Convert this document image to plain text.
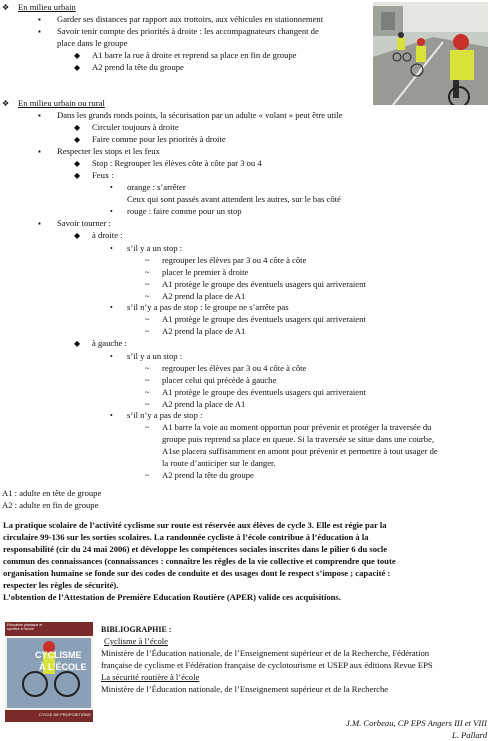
❖ En milieu urbain
▪ Garder ses distances par rapport aux trottoirs, aux véhicules en stationnement
▪ Savoir tenir compte des priorités à droite : les accompagnateurs changent de
place dans le groupe
◆ A1 barre la rue à droite et reprend sa place en fin de groupe
◆ A2 prend la tête du groupe
❖ En milieu urbain ou rural
▪ Dans les grands ronds points, la sécurisation par un adulte « volant » peut être utile
◆ Circuler toujours à droite
◆ Faire comme pour les priorités à droite
▪ Respecter les stops et les feux
◆ Stop : Regrouper les élèves côte à côte par 3 ou 4
◆ Feux :
• orange : s’arrêter
Ceux qui sont passés avant attendent les autres, sur le bas côté
• rouge : faire comme pour un stop
▪ Savoir tourner :
◆ à droite :
• s’il y a un stop :
~ regrouper les élèves par 3 ou 4 côte à côte
~ placer le premier à droite
~ A1 protège le groupe des éventuels usagers qui arriveraient
~ A2 prend la place de A1
• s’il n’y a pas de stop : le groupe ne s’arrête pas
~ A1 protège le groupe des éventuels usagers qui arriveraient
~ A2 prend la place de A1
◆ à gauche :
• s’il y a un stop :
~ regrouper les élèves par 3 ou 4 côte à côte
~ placer celui qui précède à gauche
~ A1 protège le groupe des éventuels usagers qui arriveraient
~ A2 prend la place de A1
• s’il n’y a pas de stop :
~ A1 barre la voie au moment opportun pour prévenir et protéger la traversée du
groupe puis reprend sa place en queue. Si la traversée se situe dans une courbe,
A1se placera suffisamment en amont pour prévenir et permettre à tout usager de
la route d’anticiper sur le danger.
~ A2 prend la tête du groupe
A1 : adulte en tête de groupe
A2 : adulte en fin de groupe
La pratique scolaire de l’activité cyclisme sur route est réservée aux élèves de cycle 3. Elle est régie par la
circulaire 99-136 sur les sorties scolaires. La randonnée cycliste à l’école contribue à l’éducation à la
responsabilité (cir du 24 mai 2006) et développe les compétences sociales inscrites dans le pilier 6 du socle
commun des connaissances (connaissances : connaître les règles de la vie collective et comprendre que toute
organisation humaine se fonde sur des codes de conduite et des usages dont le respect s’impose ; capacité :
respecter les règles de sécurité).
L’obtention de l’Attestation de Première Education Routière (APER) valide ces acquisitions.
Education physique et sportive à l’école
CYCLISME
À L’ÉCOLE
CYCLE DE PROPOSITIONS
BIBLIOGRAPHIE :
Cyclisme à l’école
Ministère de l’Éducation nationale, de l’Enseignement supérieur et de la Recherche, Fédération
française de cyclisme et Fédération française de cyclotourisme et USEP aux éditions Revue EPS
La sécurité routière à l’école
Ministère de l’Éducation nationale, de l’Enseignement supérieur et de la Recherche
J.M. Corbeau, CP EPS Angers III et VIII
L. Pallard
